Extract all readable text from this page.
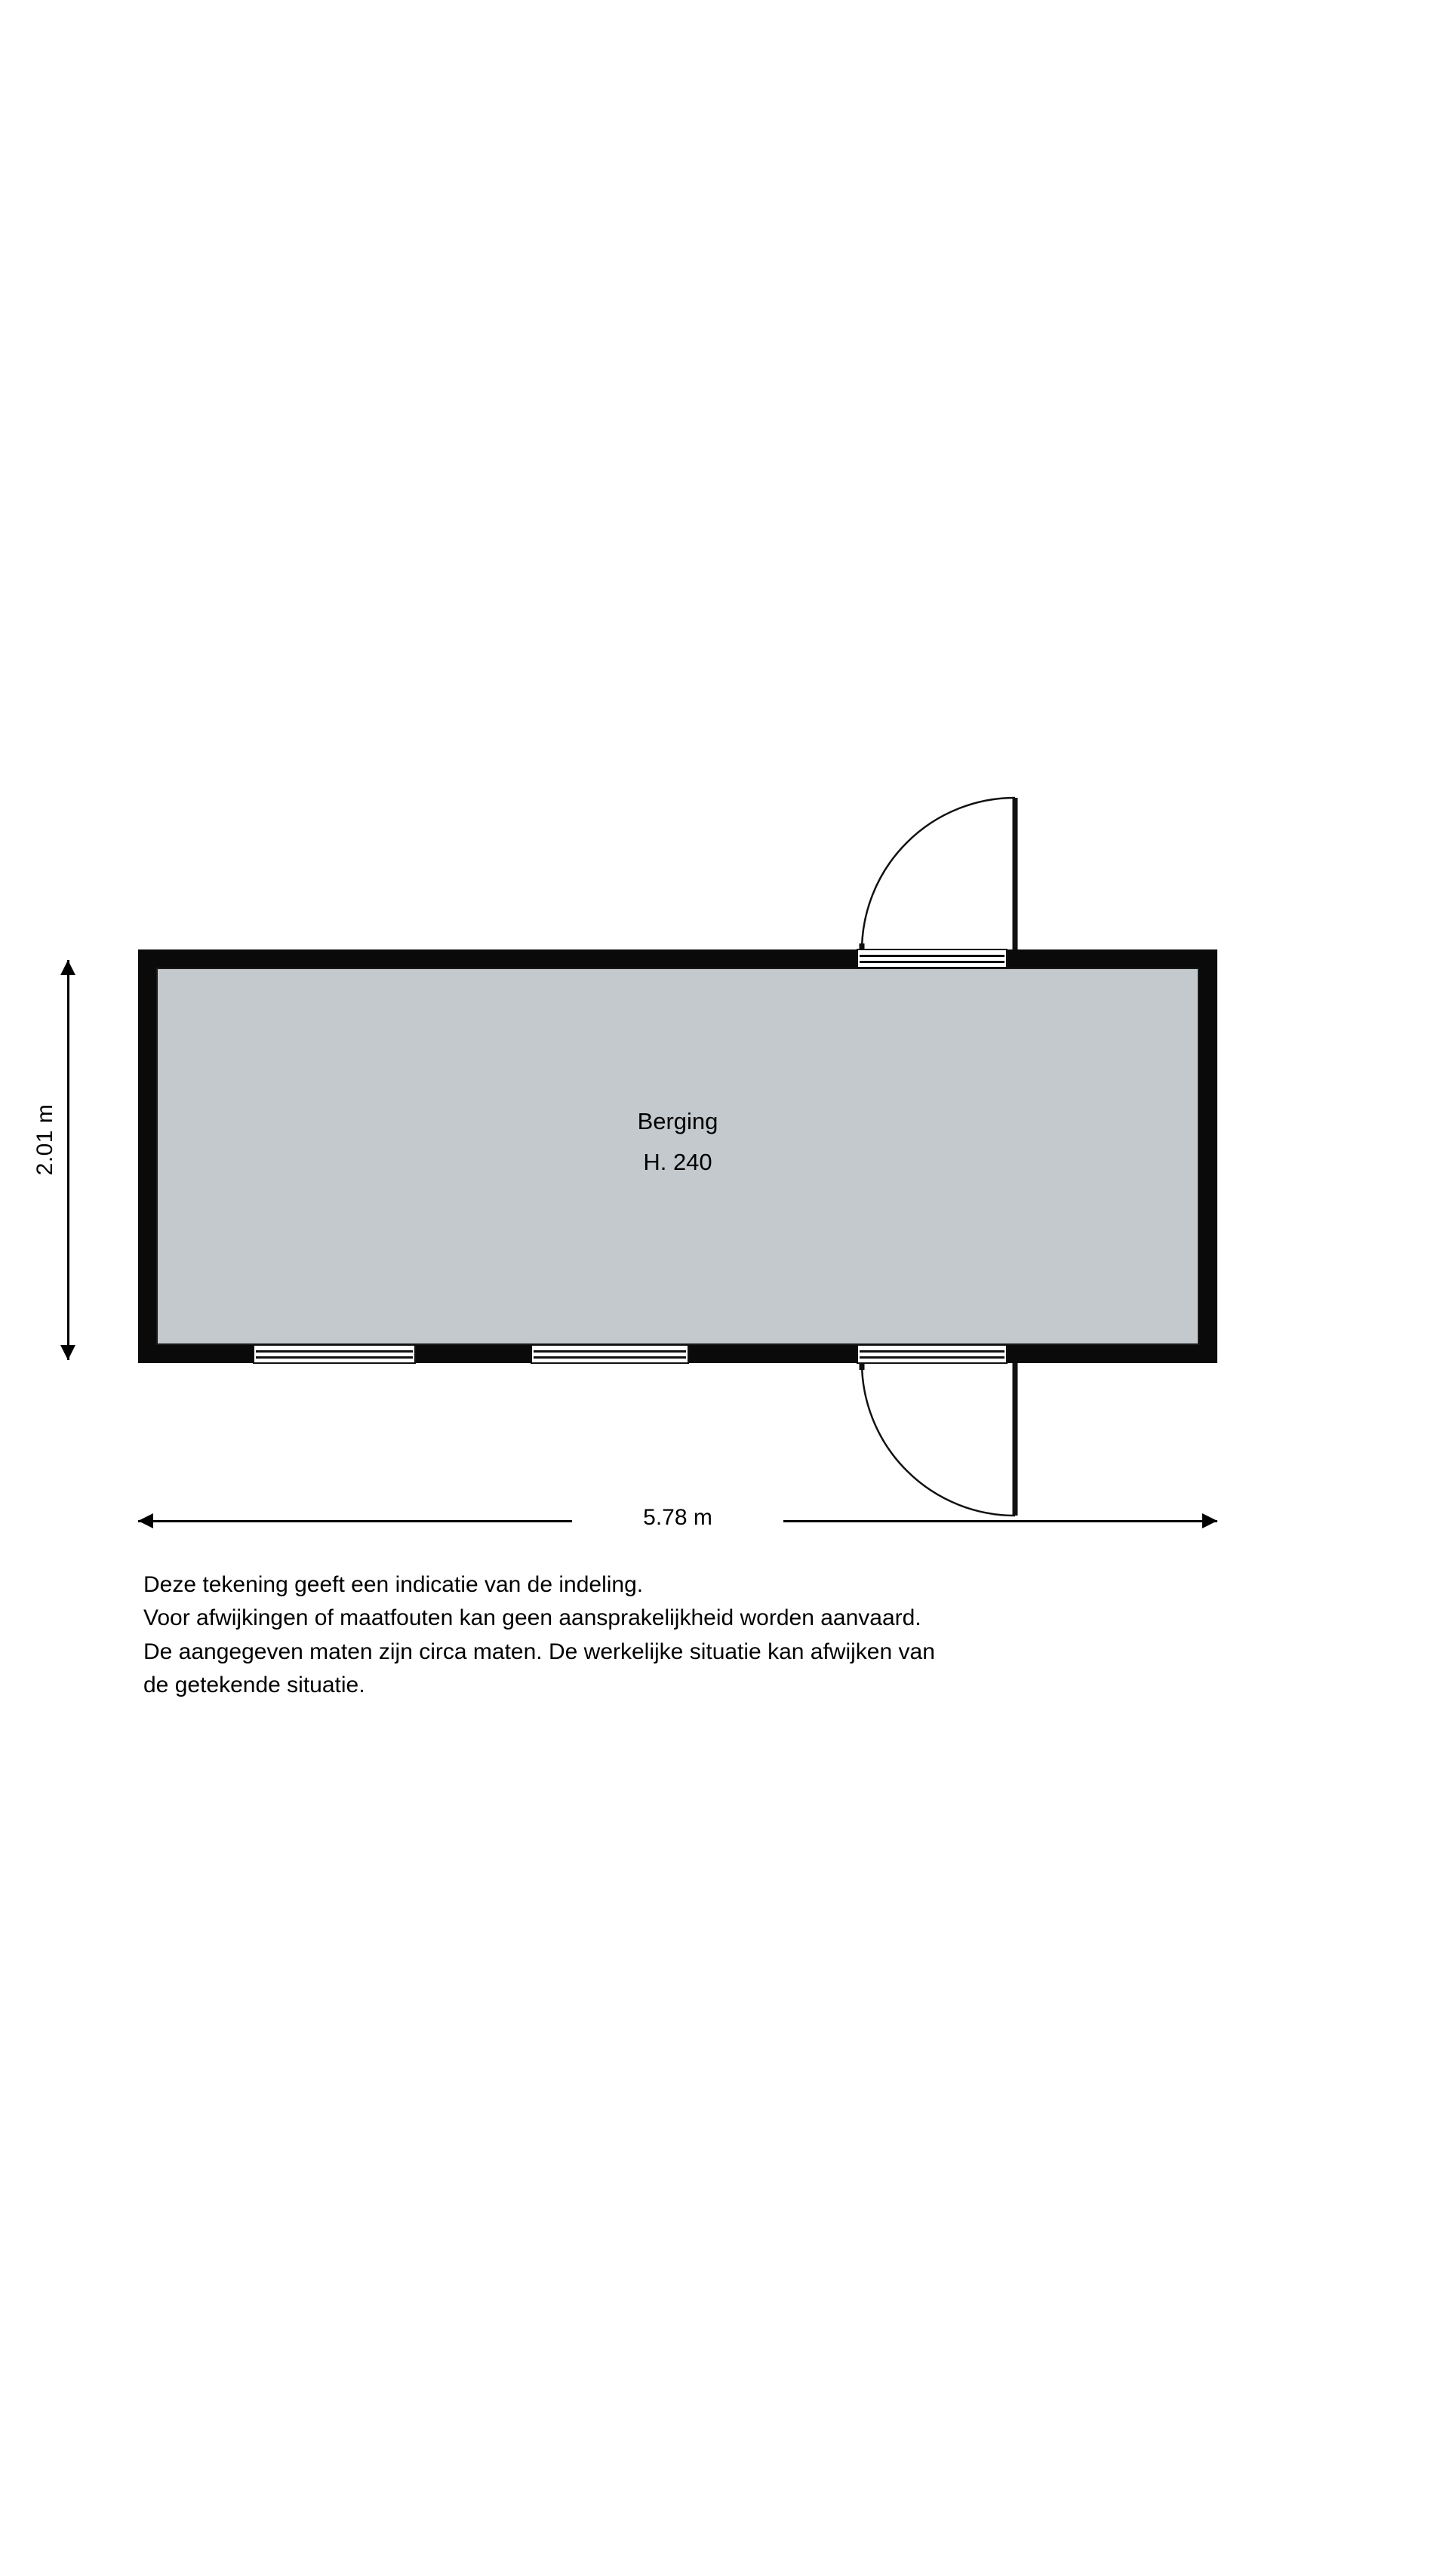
2.01 m	Berging
H. 240
5.78 m

Deze tekening geeft een indicatie van de indeling.

Voor afwijkingen of maatfouten kan geen aansprakelijkheid worden aanvaard.

De aangegeven maten zijn circa maten. De werkelijke situatie kan afwijken van

de getekende situatie.
